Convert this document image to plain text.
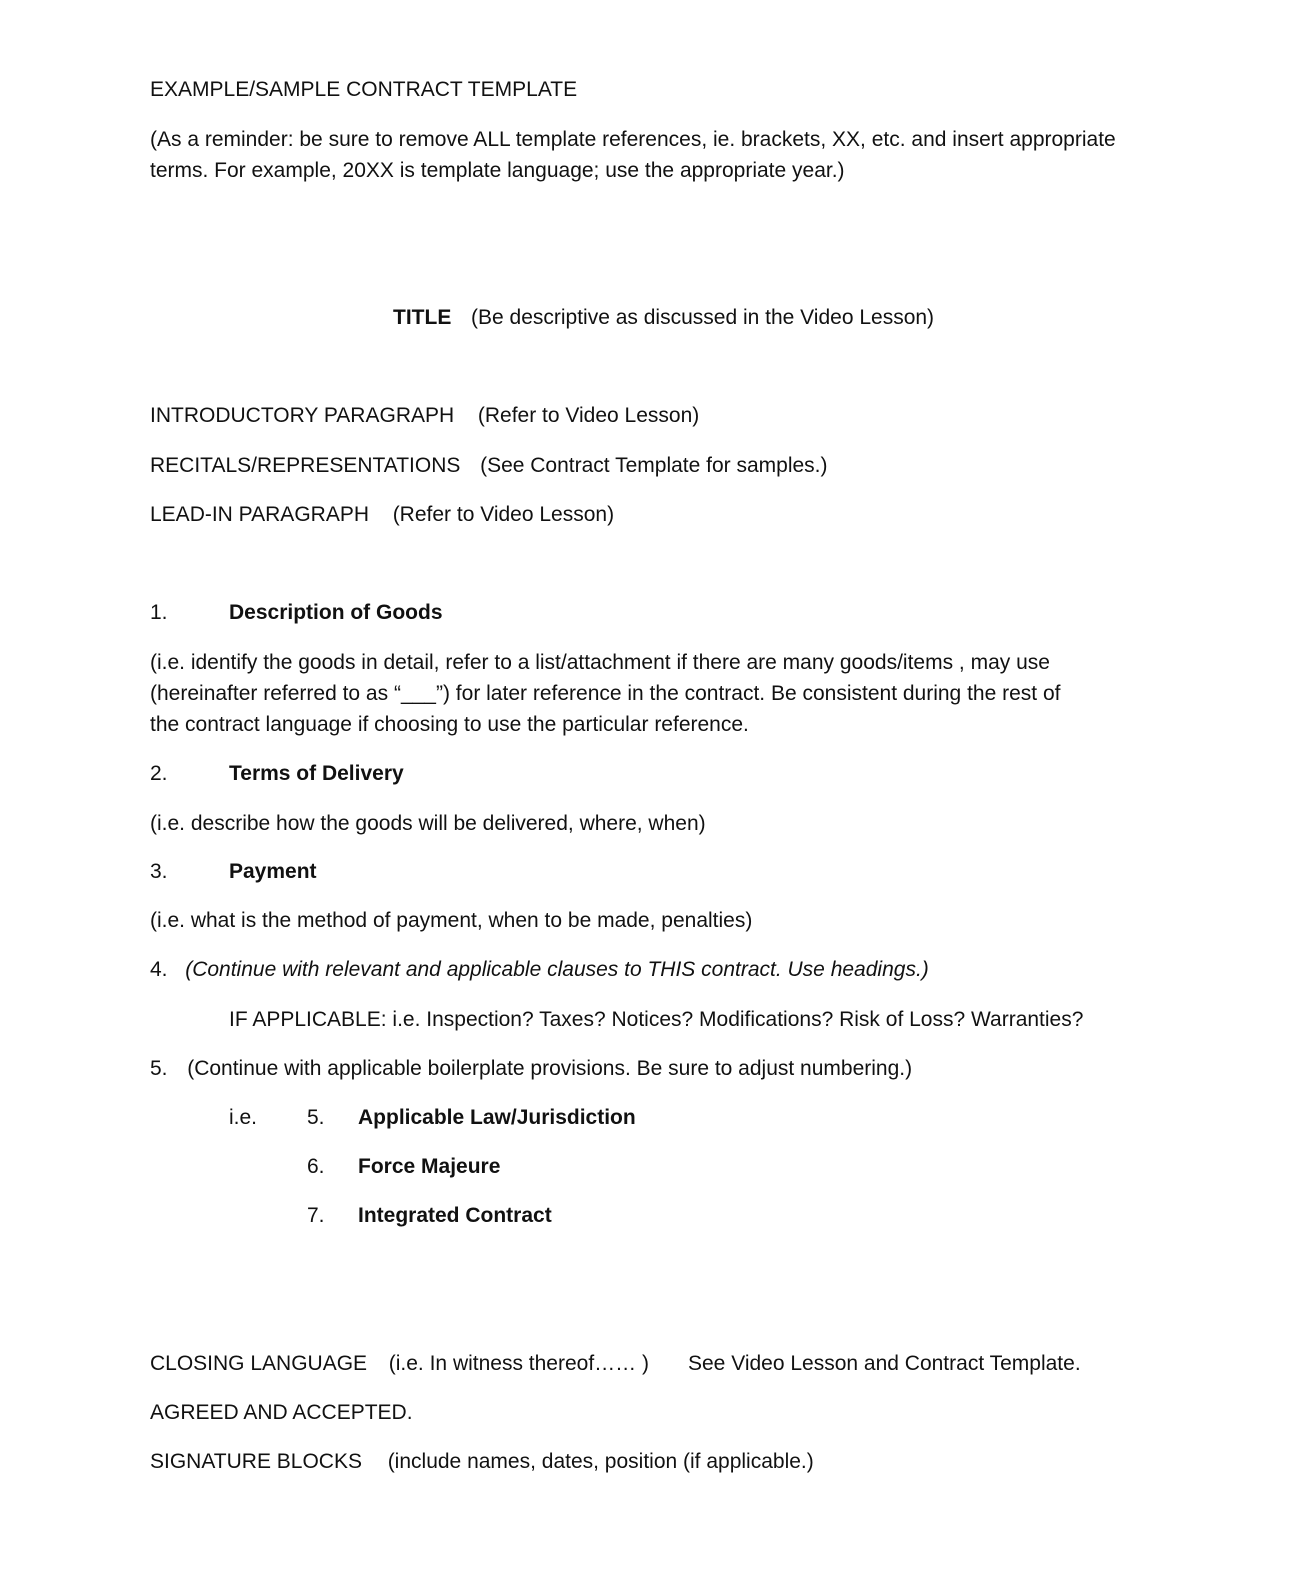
EXAMPLE/SAMPLE CONTRACT TEMPLATE
(As a reminder: be sure to remove ALL template references, ie. brackets, XX, etc. and insert appropriate
terms. For example, 20XX is template language; use the appropriate year.)
TITLE (Be descriptive as discussed in the Video Lesson)
INTRODUCTORY PARAGRAPH (Refer to Video Lesson)
RECITALS/REPRESENTATIONS (See Contract Template for samples.)
LEAD-IN PARAGRAPH (Refer to Video Lesson)
1.	Description of Goods
(i.e. identify the goods in detail, refer to a list/attachment if there are many goods/items , may use
(hereinafter referred to as “___”) for later reference in the contract. Be consistent during the rest of
the contract language if choosing to use the particular reference.
2.	Terms of Delivery
(i.e. describe how the goods will be delivered, where, when)
3.	Payment
(i.e. what is the method of payment, when to be made, penalties)
4. (Continue with relevant and applicable clauses to THIS contract. Use headings.)
IF APPLICABLE: i.e. Inspection? Taxes? Notices? Modifications? Risk of Loss? Warranties?
5. (Continue with applicable boilerplate provisions. Be sure to adjust numbering.)
i.e. 5. Applicable Law/Jurisdiction
6. Force Majeure
7. Integrated Contract
CLOSING LANGUAGE (i.e. In witness thereof…… ) See Video Lesson and Contract Template.
AGREED AND ACCEPTED.
SIGNATURE BLOCKS (include names, dates, position (if applicable.)
